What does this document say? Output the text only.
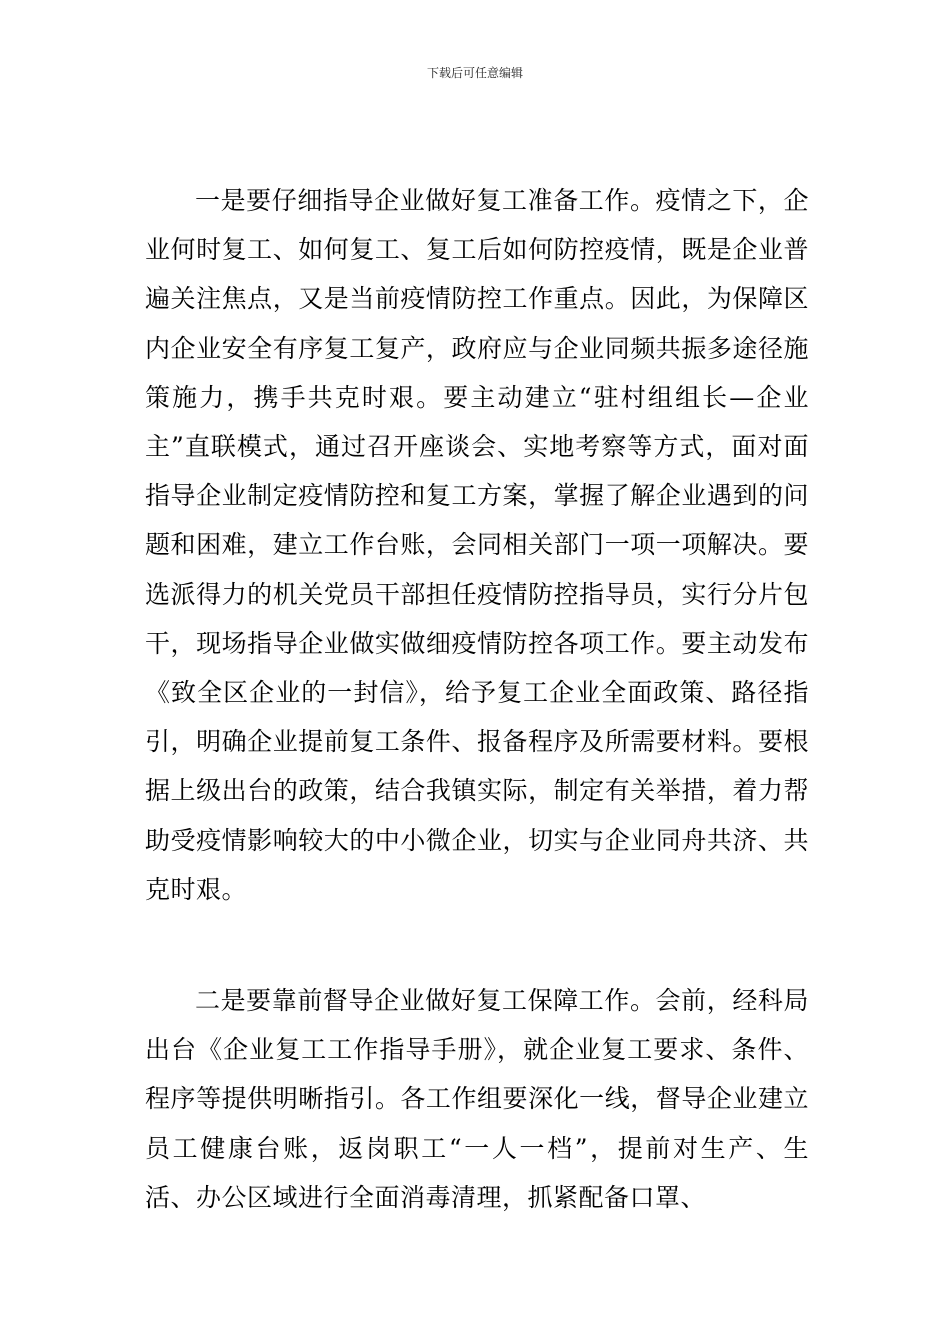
下载后可任意编辑

一是要仔细指导企业做好复工准备工作。疫情之下，企业何时复工、如何复工、复工后如何防控疫情，既是企业普遍关注焦点，又是当前疫情防控工作重点。因此，为保障区内企业安全有序复工复产，政府应与企业同频共振多途径施策施力，携手共克时艰。要主动建立“驻村组组长—企业主”直联模式，通过召开座谈会、实地考察等方式，面对面指导企业制定疫情防控和复工方案，掌握了解企业遇到的问题和困难，建立工作台账，会同相关部门一项一项解决。要选派得力的机关党员干部担任疫情防控指导员，实行分片包干，现场指导企业做实做细疫情防控各项工作。要主动发布《致全区企业的一封信》，给予复工企业全面政策、路径指引，明确企业提前复工条件、报备程序及所需要材料。要根据上级出台的政策，结合我镇实际，制定有关举措，着力帮助受疫情影响较大的中小微企业，切实与企业同舟共济、共克时艰。

二是要靠前督导企业做好复工保障工作。会前，经科局出台《企业复工工作指导手册》，就企业复工要求、条件、程序等提供明晰指引。各工作组要深化一线，督导企业建立员工健康台账，返岗职工“一人一档”，提前对生产、生活、办公区域进行全面消毒清理，抓紧配备口罩、
